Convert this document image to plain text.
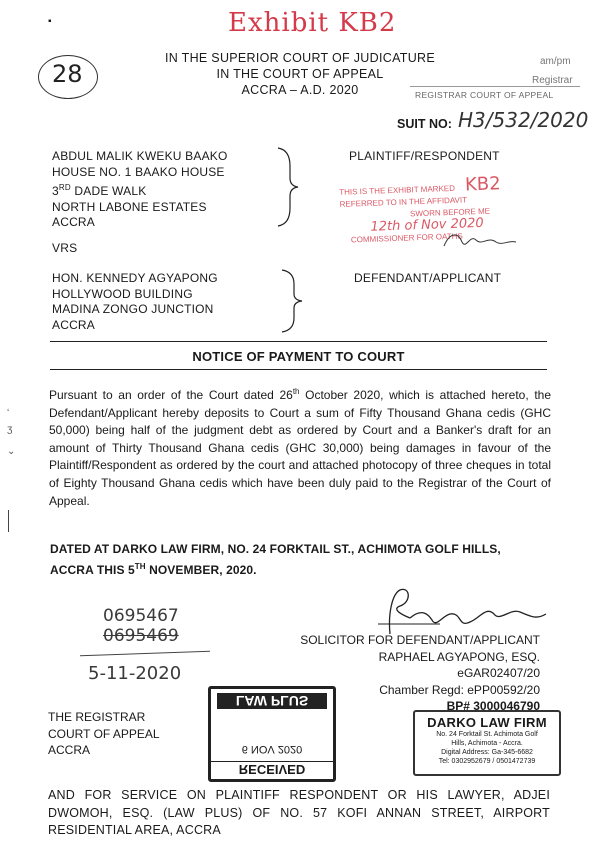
Exhibit KB2
28
▪
IN THE SUPERIOR COURT OF JUDICATURE
IN THE COURT OF APPEAL
ACCRA – A.D. 2020
am/pm
Registrar
REGISTRAR COURT OF APPEAL
SUIT NO: H3/532/2020
ABDUL MALIK KWEKU BAAKO
HOUSE NO. 1 BAAKO HOUSE
3RD DADE WALK
NORTH LABONE ESTATES
ACCRA
PLAINTIFF/RESPONDENT
THIS IS THE EXHIBIT MARKED KB2
REFERRED TO IN THE AFFIDAVIT
SWORN BEFORE ME
12th of Nov 2020
COMMISSIONER FOR OATHS
VRS
HON. KENNEDY AGYAPONG
HOLLYWOOD BUILDING
MADINA ZONGO JUNCTION
ACCRA
DEFENDANT/APPLICANT
NOTICE OF PAYMENT TO COURT
ʻ
ʒ
⌄
Pursuant to an order of the Court dated 26th October 2020, which is attached hereto, the Defendant/Applicant hereby deposits to Court a sum of Fifty Thousand Ghana cedis (GHC 50,000) being half of the judgment debt as ordered by Court and a Banker's draft for an amount of Thirty Thousand Ghana cedis (GHC 30,000) being damages in favour of the Plaintiff/Respondent as ordered by the court and attached photocopy of three cheques in total of Eighty Thousand Ghana cedis which have been duly paid to the Registrar of the Court of Appeal.
DATED AT DARKO LAW FIRM, NO. 24 FORKTAIL ST., ACHIMOTA GOLF HILLS,
ACCRA THIS 5TH NOVEMBER, 2020.
0695467
0695469
5-11-2020
SOLICITOR FOR DEFENDANT/APPLICANT
RAPHAEL AGYAPONG, ESQ.
eGAR02407/20
Chamber Regd: ePP00592/20
BP# 3000046790
RECEIVED
6 NOV 2020
LAW PLUS
THE REGISTRAR
COURT OF APPEAL
ACCRA
DARKO LAW FIRM
No. 24 Forktail St. Achimota Golf
Hills, Achimota - Accra.
Digital Address: Ga-345-6682
Tel: 0302952679 / 0501472739
AND FOR SERVICE ON PLAINTIFF RESPONDENT OR HIS LAWYER, ADJEI DWOMOH, ESQ. (LAW PLUS) OF NO. 57 KOFI ANNAN STREET, AIRPORT RESIDENTIAL AREA, ACCRA
